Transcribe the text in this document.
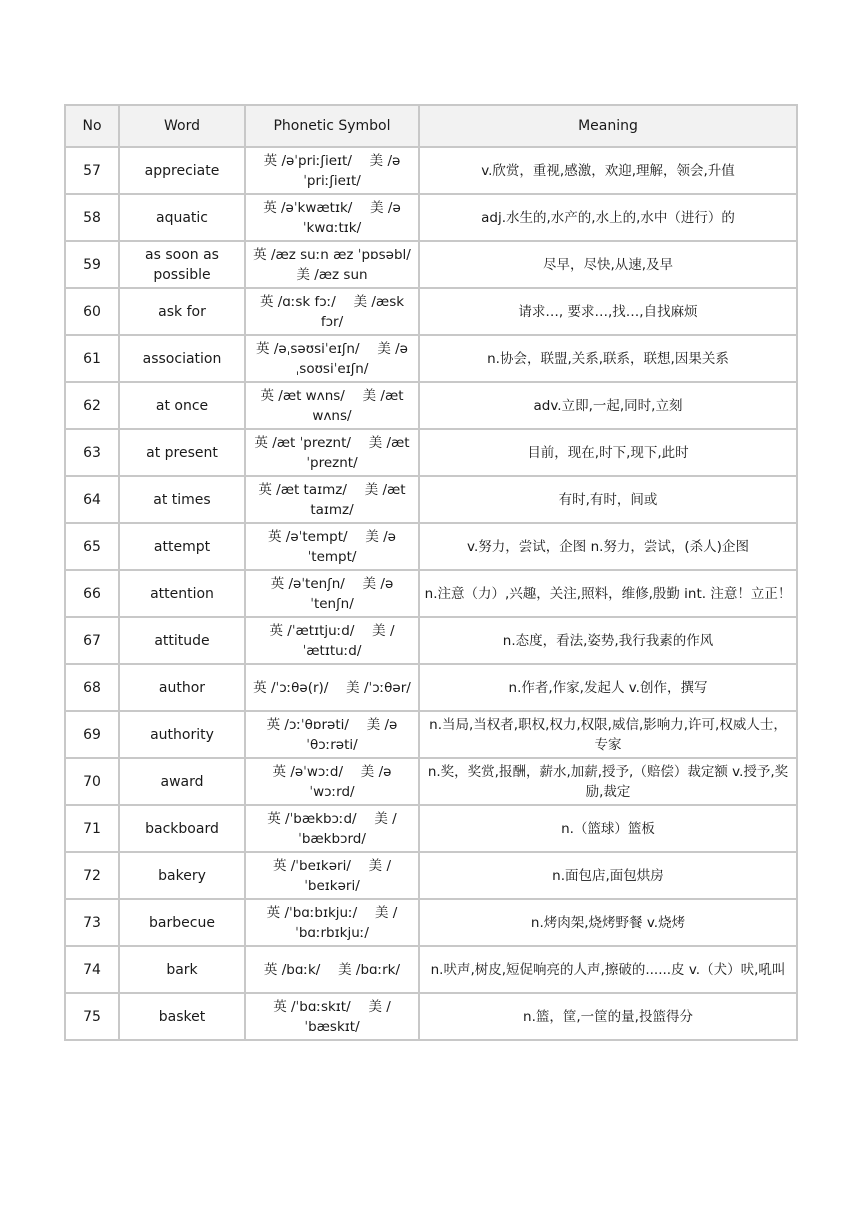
No	Word	Phonetic Symbol	Meaning
57	appreciate	英 /əˈpriːʃieɪt/　 美 /əˈpriːʃieɪt/	v.欣赏，重视,感激，欢迎,理解，领会,升值
58	aquatic	英 /əˈkwætɪk/　 美 /əˈkwɑːtɪk/	adj.水生的,水产的,水上的,水中（进行）的
59	as soon as possible	英 /æz suːn æz ˈpɒsəbl/　 美 /æz sun	尽早，尽快,从速,及早
60	ask for	英 /ɑːsk fɔː/　 美 /æsk fɔr/	请求…, 要求…,找…,自找麻烦
61	association	英 /əˌsəʊsiˈeɪʃn/　 美 /əˌsoʊsiˈeɪʃn/	n.协会，联盟,关系,联系，联想,因果关系
62	at once	英 /æt wʌns/　 美 /æt wʌns/	adv.立即,一起,同时,立刻
63	at present	英 /æt ˈpreznt/　 美 /æt ˈpreznt/	目前，现在,时下,现下,此时
64	at times	英 /æt taɪmz/　 美 /æt taɪmz/	有时,有时，间或
65	attempt	英 /əˈtempt/　 美 /əˈtempt/	v.努力，尝试，企图 n.努力，尝试，(杀人)企图
66	attention	英 /əˈtenʃn/　 美 /əˈtenʃn/	n.注意（力）,兴趣，关注,照料，维修,殷勤 int. 注意！立正！
67	attitude	英 /ˈætɪtjuːd/　 美 /ˈætɪtuːd/	n.态度，看法,姿势,我行我素的作风
68	author	英 /ˈɔːθə(r)/　 美 /ˈɔːθər/	n.作者,作家,发起人 v.创作，撰写
69	authority	英 /ɔːˈθɒrəti/　 美 /əˈθɔːrəti/	n.当局,当权者,职权,权力,权限,威信,影响力,许可,权威人士，专家
70	award	英 /əˈwɔːd/　 美 /əˈwɔːrd/	n.奖，奖赏,报酬，薪水,加薪,授予,（赔偿）裁定额 v.授予,奖励,裁定
71	backboard	英 /ˈbækbɔːd/　 美 /ˈbækbɔrd/	n.（篮球）篮板
72	bakery	英 /ˈbeɪkəri/　 美 /ˈbeɪkəri/	n.面包店,面包烘房
73	barbecue	英 /ˈbɑːbɪkjuː/　 美 /ˈbɑːrbɪkjuː/	n.烤肉架,烧烤野餐 v.烧烤
74	bark	英 /bɑːk/　 美 /bɑːrk/	n.吠声,树皮,短促响亮的人声,擦破的......皮 v.（犬）吠,吼叫
75	basket	英 /ˈbɑːskɪt/　 美 /ˈbæskɪt/	n.篮，筐,一筐的量,投篮得分
